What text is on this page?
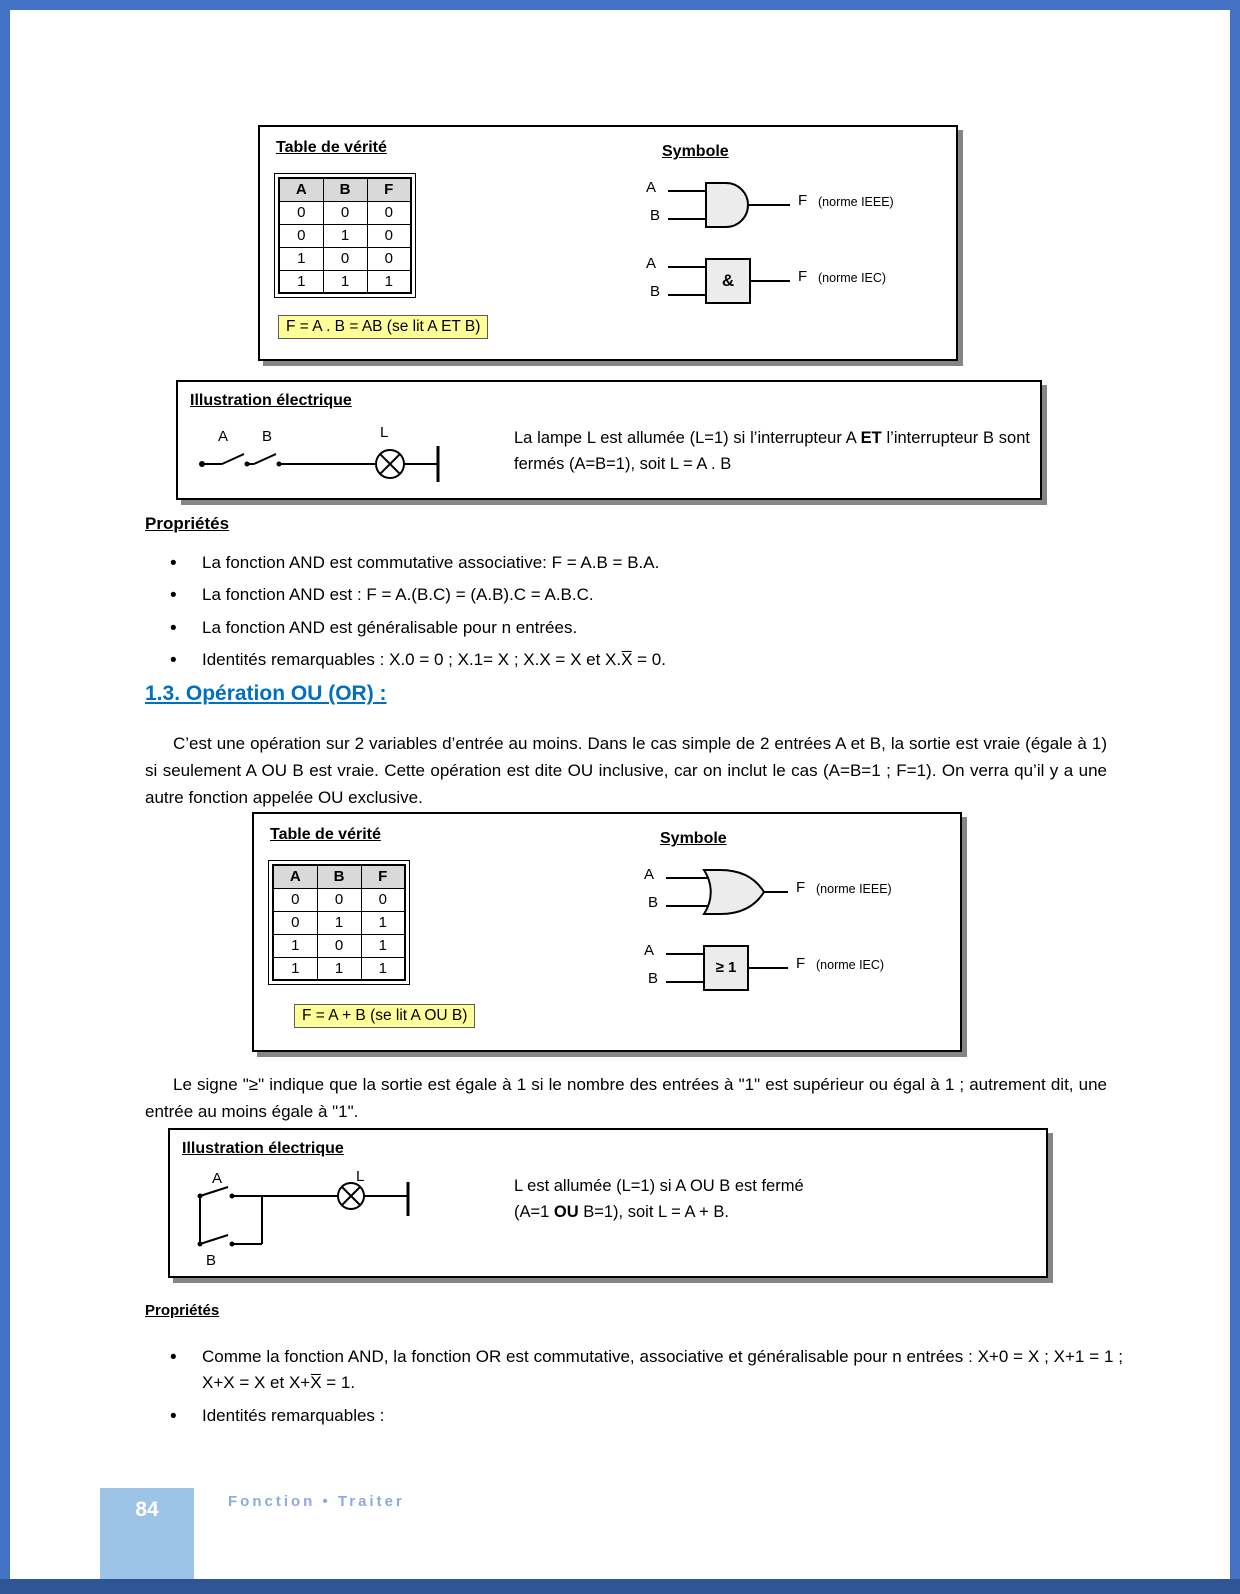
Table de vérité
A	B	F
0	0	0
0	1	0
1	0	0
1	1	1
Symbole
A
B
F (norme IEEE)
A
B
&	F (norme IEC)
F = A . B = AB (se lit A ET B)
Illustration électrique
A B	L	La lampe L est allumée (L=1) si l’interrupteur A ET l’interrupteur B sont fermés (A=B=1), soit L = A . B
Propriétés
• La fonction AND est commutative associative: F = A.B = B.A.
• La fonction AND est : F = A.(B.C) = (A.B).C = A.B.C.
• La fonction AND est généralisable pour n entrées.
• Identités remarquables : X.0 = 0 ; X.1= X ; X.X = X et X.X̅ = 0.
1.3. Opération OU (OR) :
C’est une opération sur 2 variables d’entrée au moins. Dans le cas simple de 2 entrées A et B, la sortie est vraie (égale à 1) si seulement A OU B est vraie. Cette opération est dite OU inclusive, car on inclut le cas (A=B=1 ; F=1). On verra qu’il y a une autre fonction appelée OU exclusive.
Table de vérité
A	B	F
0	0	0
0	1	1
1	0	1
1	1	1
Symbole
A
B
F (norme IEEE)
A
B
≥ 1	F (norme IEC)
F = A + B (se lit A OU B)
Le signe "≥" indique que la sortie est égale à 1 si le nombre des entrées à "1" est supérieur ou égal à 1 ; autrement dit, une entrée au moins égale à "1".
Illustration électrique
A
B
L
L est allumée (L=1) si A OU B est fermé
(A=1 OU B=1), soit L = A + B.
Propriétés
• Comme la fonction AND, la fonction OR est commutative, associative et généralisable pour n entrées : X+0 = X ; X+1 = 1 ; X+X = X et X+X̅ = 1.
• Identités remarquables :
84	Fonction • Traiter
